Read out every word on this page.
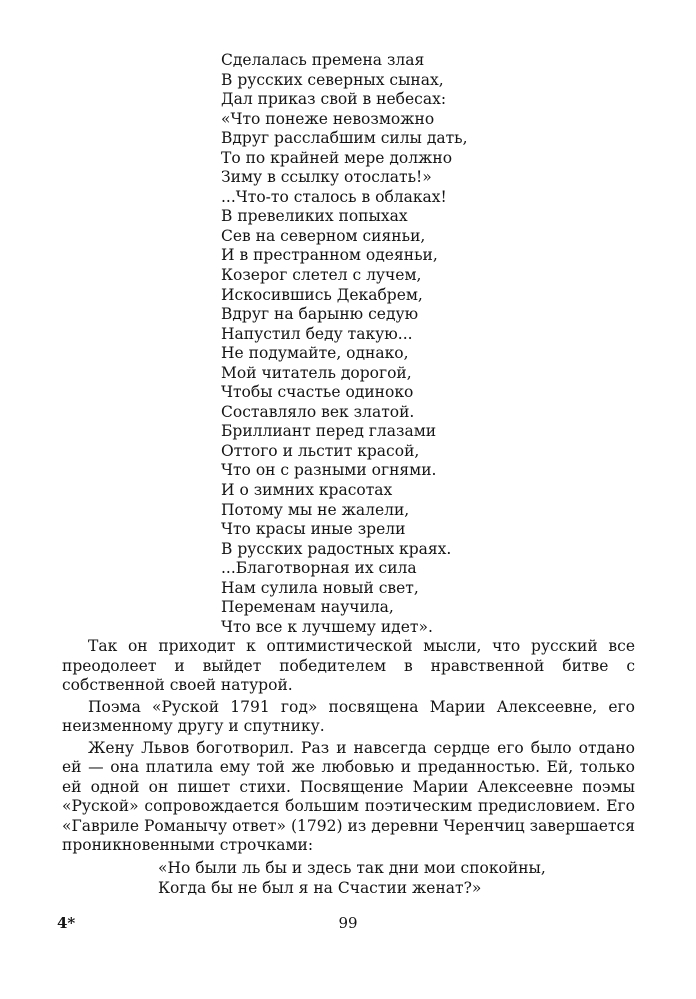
Сделалась премена злая
В русских северных сынах,
Дал приказ свой в небесах:
«Что понеже невозможно
Вдруг расслабшим силы дать,
То по крайней мере должно
Зиму в ссылку отослать!»
...Что-то сталось в облаках!
В превеликих попыхах
Сев на северном сияньи,
И в престранном одеяньи,
Козерог слетел с лучем,
Искосившись Декабрем,
Вдруг на барыню седую
Напустил беду такую...
Не подумайте, однако,
Мой читатель дорогой,
Чтобы счастье одиноко
Составляло век златой.
Бриллиант перед глазами
Оттого и льстит красой,
Что он с разными огнями.
И о зимних красотах
Потому мы не жалели,
Что красы иные зрели
В русских радостных краях.
...Благотворная их сила
Нам сулила новый свет,
Переменам научила,
Что все к лучшему идет».

Так он приходит к оптимистической мысли, что русский все преодолеет и выйдет победителем в нравственной битве с собственной своей натурой.

Поэма «Руской 1791 год» посвящена Марии Алексеевне, его неизменному другу и спутнику.

Жену Львов боготворил. Раз и навсегда сердце его было отдано ей — она платила ему той же любовью и преданностью. Ей, только ей одной он пишет стихи. Посвящение Марии Алексеевне поэмы «Руской» сопровождается большим поэтическим предисловием. Его «Гавриле Романычу ответ» (1792) из деревни Черенчиц завершается проникновенными строчками:

«Но были ль бы и здесь так дни мои спокойны,
Когда бы не был я на Счастии женат?»
4*	99
